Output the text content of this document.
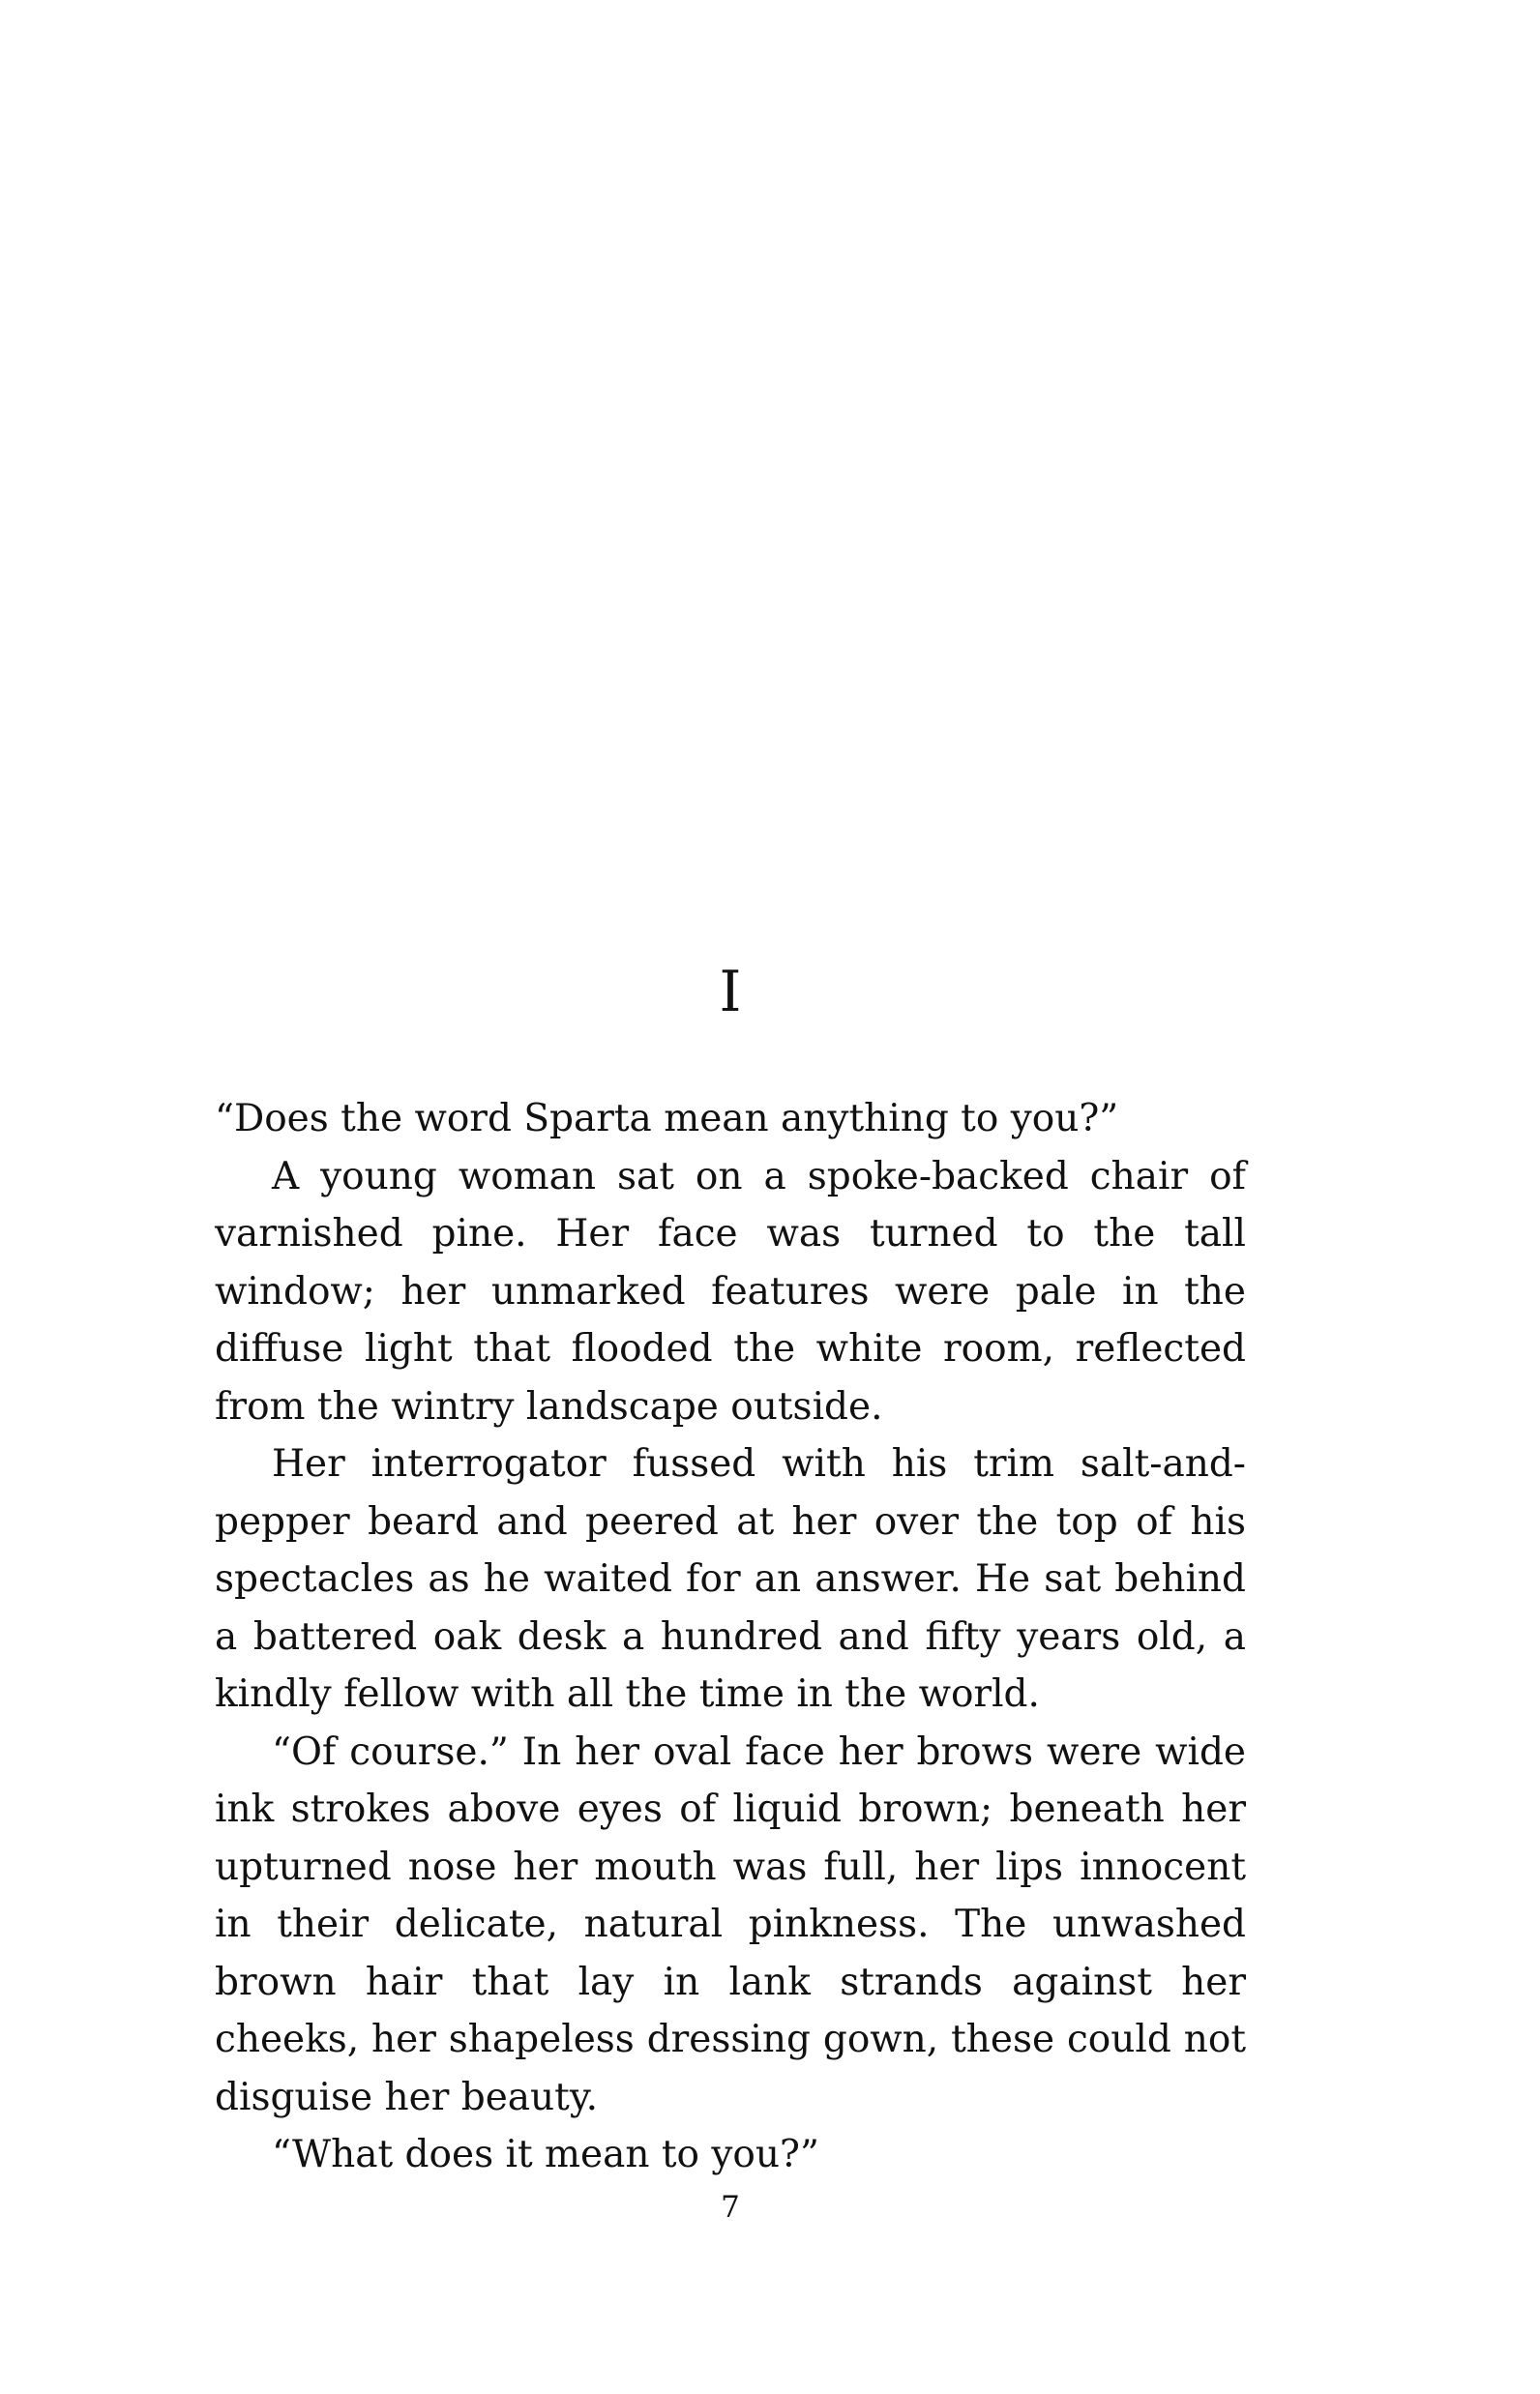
I

“Does the word Sparta mean anything to you?”

A young woman sat on a spoke-backed chair of varnished pine. Her face was turned to the tall window; her unmarked features were pale in the diffuse light that flooded the white room, reflected from the wintry landscape outside.

Her interrogator fussed with his trim salt-and-pepper beard and peered at her over the top of his spectacles as he waited for an answer. He sat behind a battered oak desk a hundred and fifty years old, a kindly fellow with all the time in the world.

“Of course.” In her oval face her brows were wide ink strokes above eyes of liquid brown; beneath her upturned nose her mouth was full, her lips innocent in their delicate, natural pinkness. The unwashed brown hair that lay in lank strands against her cheeks, her shapeless dressing gown, these could not disguise her beauty.

“What does it mean to you?”

7
